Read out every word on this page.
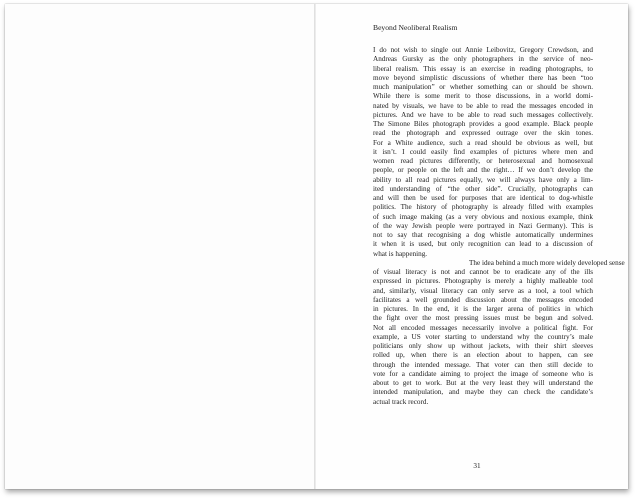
Beyond Neoliberal Realism
I do not wish to single out Annie Leibovitz, Gregory Crewdson, and
Andreas Gursky as the only photographers in the service of neo-
liberal realism. This essay is an exercise in reading photographs, to
move beyond simplistic discussions of whether there has been “too
much manipulation” or whether something can or should be shown.
While there is some merit to those discussions, in a world domi-
nated by visuals, we have to be able to read the messages encoded in
pictures. And we have to be able to read such messages collectively.
The Simone Biles photograph provides a good example. Black people
read the photograph and expressed outrage over the skin tones.
For a White audience, such a read should be obvious as well, but
it isn’t. I could easily find examples of pictures where men and
women read pictures differently, or heterosexual and homosexual
people, or people on the left and the right… If we don’t develop the
ability to all read pictures equally, we will always have only a lim-
ited understanding of “the other side”. Crucially, photographs can
and will then be used for purposes that are identical to dog-whistle
politics. The history of photography is already filled with examples
of such image making (as a very obvious and noxious example, think
of the way Jewish people were portrayed in Nazi Germany). This is
not to say that recognising a dog whistle automatically undermines
it when it is used, but only recognition can lead to a discussion of
what is happening.
The idea behind a much more widely developed sense
of visual literacy is not and cannot be to eradicate any of the ills
expressed in pictures. Photography is merely a highly malleable tool
and, similarly, visual literacy can only serve as a tool, a tool which
facilitates a well grounded discussion about the messages encoded
in pictures. In the end, it is the larger arena of politics in which
the fight over the most pressing issues must be begun and solved.
Not all encoded messages necessarily involve a political fight. For
example, a US voter starting to understand why the country’s male
politicians only show up without jackets, with their shirt sleeves
rolled up, when there is an election about to happen, can see
through the intended message. That voter can then still decide to
vote for a candidate aiming to project the image of someone who is
about to get to work. But at the very least they will understand the
intended manipulation, and maybe they can check the candidate’s
actual track record.
31
